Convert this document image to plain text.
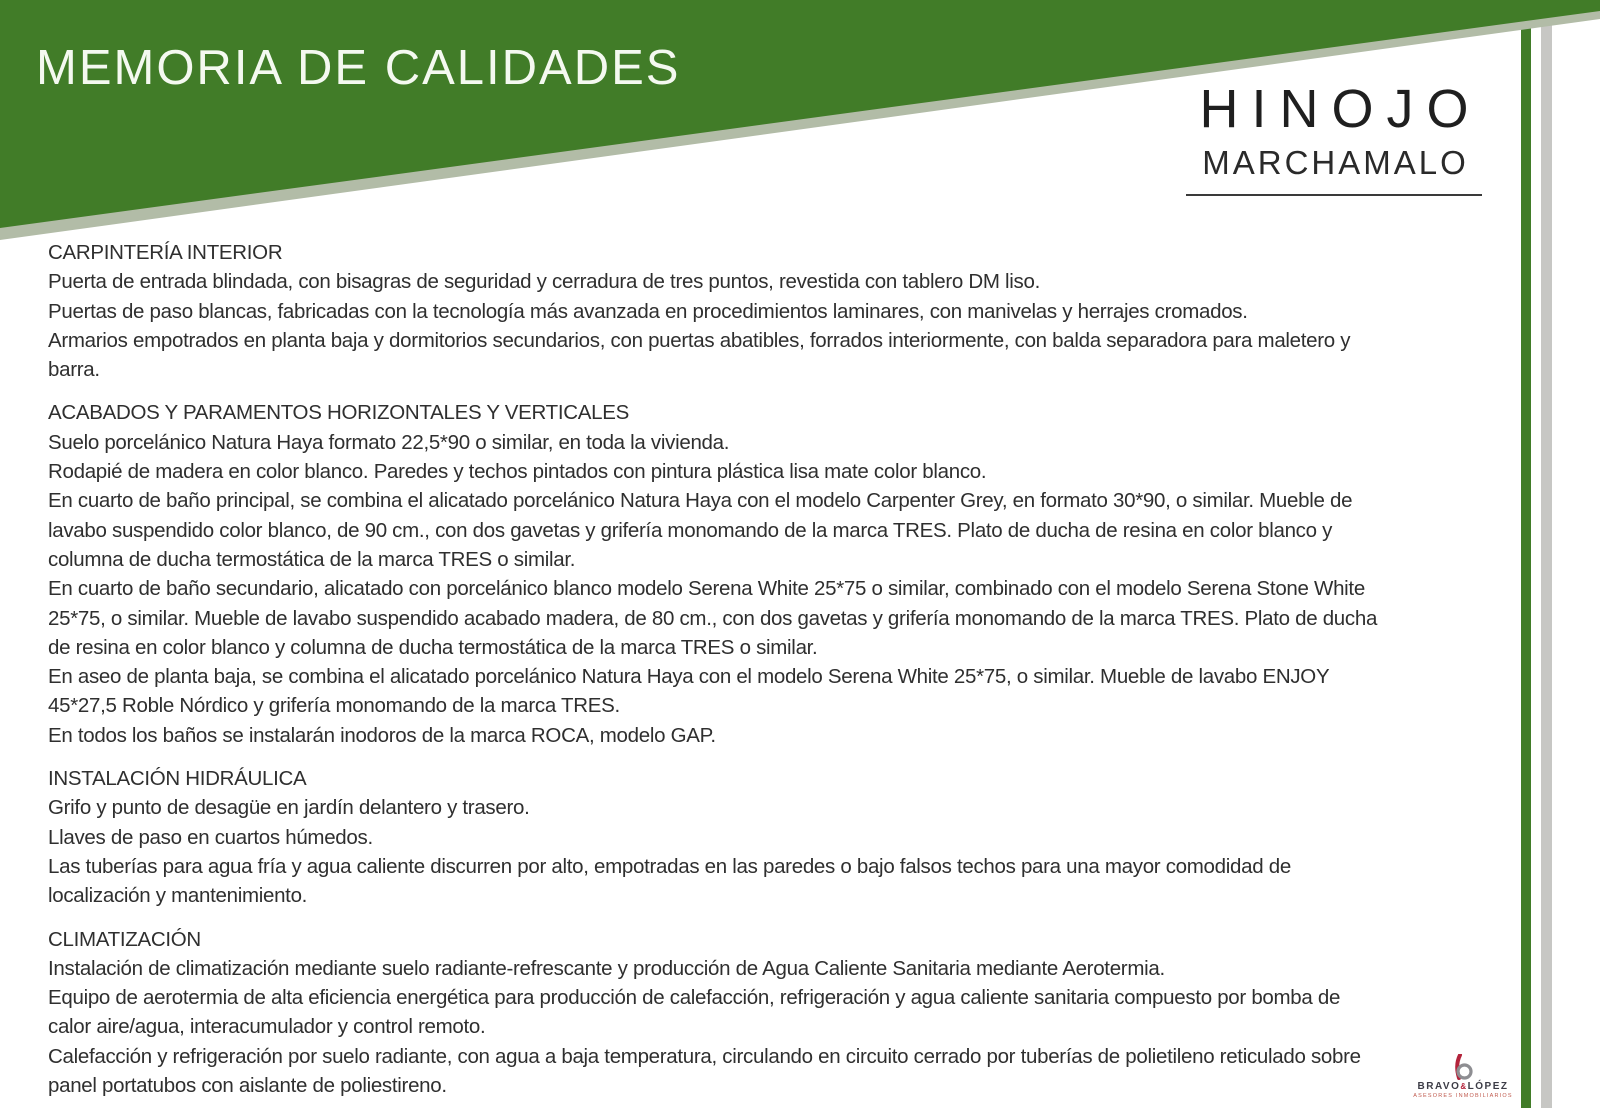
MEMORIA DE CALIDADES
HINOJO
MARCHAMALO
CARPINTERÍA INTERIOR
Puerta de entrada blindada, con bisagras de seguridad y cerradura de tres puntos, revestida con tablero DM liso.
Puertas de paso blancas, fabricadas con la tecnología más avanzada en procedimientos laminares, con manivelas y herrajes cromados.
Armarios empotrados en planta baja y dormitorios secundarios, con puertas abatibles, forrados interiormente, con balda separadora para maletero y
barra.
ACABADOS Y PARAMENTOS HORIZONTALES Y VERTICALES
Suelo porcelánico Natura Haya formato 22,5*90 o similar, en toda la vivienda.
Rodapié de madera en color blanco. Paredes y techos pintados con pintura plástica lisa mate color blanco.
En cuarto de baño principal, se combina el alicatado porcelánico Natura Haya con el modelo Carpenter Grey, en formato 30*90, o similar. Mueble de
lavabo suspendido color blanco, de 90 cm., con dos gavetas y grifería monomando de la marca TRES. Plato de ducha de resina en color blanco y
columna de ducha termostática de la marca TRES o similar.
En cuarto de baño secundario, alicatado con porcelánico blanco modelo Serena White 25*75 o similar, combinado con el modelo Serena Stone White
25*75, o similar. Mueble de lavabo suspendido acabado madera, de 80 cm., con dos gavetas y grifería monomando de la marca TRES. Plato de ducha
de resina en color blanco y columna de ducha termostática de la marca TRES o similar.
En aseo de planta baja, se combina el alicatado porcelánico Natura Haya con el modelo Serena White 25*75, o similar. Mueble de lavabo ENJOY
45*27,5 Roble Nórdico y grifería monomando de la marca TRES.
En todos los baños se instalarán inodoros de la marca ROCA, modelo GAP.
INSTALACIÓN HIDRÁULICA
Grifo y punto de desagüe en jardín delantero y trasero.
Llaves de paso en cuartos húmedos.
Las tuberías para agua fría y agua caliente discurren por alto, empotradas en las paredes o bajo falsos techos para una mayor comodidad de
localización y mantenimiento.
CLIMATIZACIÓN
Instalación de climatización mediante suelo radiante-refrescante y producción de Agua Caliente Sanitaria mediante Aerotermia.
Equipo de aerotermia de alta eficiencia energética para producción de calefacción, refrigeración y agua caliente sanitaria compuesto por bomba de
calor aire/agua, interacumulador y control remoto.
Calefacción y refrigeración por suelo radiante, con agua a baja temperatura, circulando en circuito cerrado por tuberías de polietileno reticulado sobre
panel portatubos con aislante de poliestireno.	BRAVO&LÓPEZ
ASESORES INMOBILIARIOS
